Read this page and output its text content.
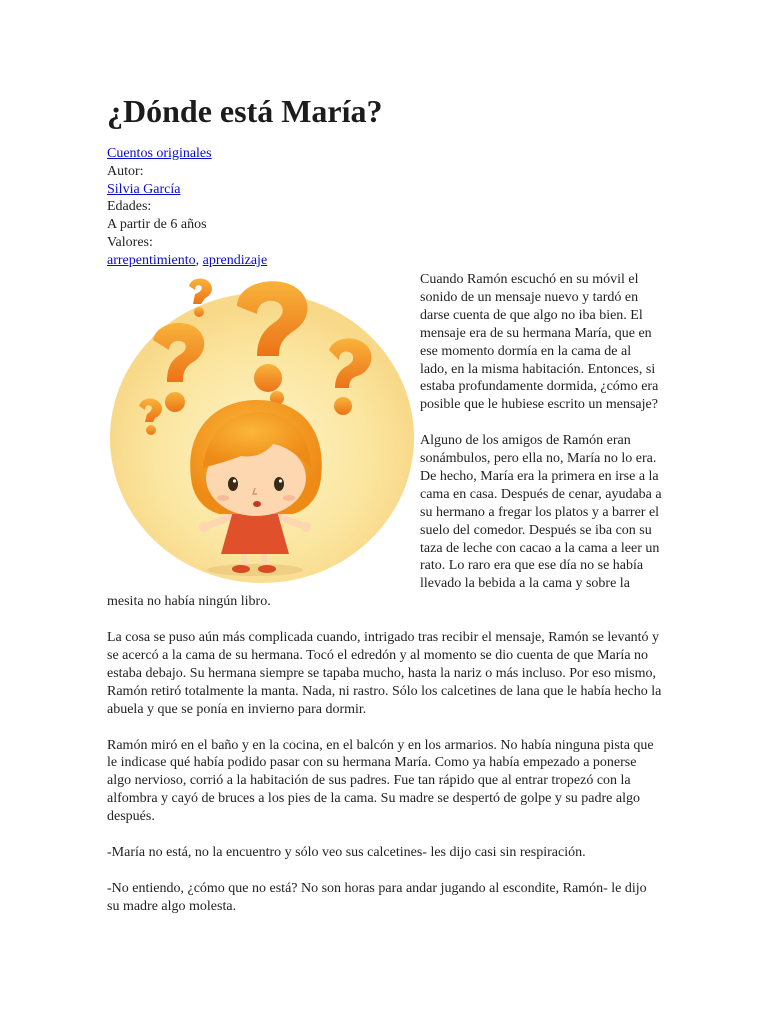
¿Dónde está María?
Cuentos originales
Autor:
Silvia García
Edades:
A partir de 6 años
Valores:
arrepentimiento, aprendizaje

Cuando Ramón escuchó en su móvil el sonido de un mensaje nuevo y tardó en darse cuenta de que algo no iba bien. El mensaje era de su hermana María, que en ese momento dormía en la cama de al lado, en la misma habitación. Entonces, si estaba profundamente dormida, ¿cómo era posible que le hubiese escrito un mensaje?

Alguno de los amigos de Ramón eran sonámbulos, pero ella no, María no lo era. De hecho, María era la primera en irse a la cama en casa. Después de cenar, ayudaba a su hermano a fregar los platos y a barrer el suelo del comedor. Después se iba con su taza de leche con cacao a la cama a leer un rato. Lo raro era que ese día no se había llevado la bebida a la cama y sobre la mesita no había ningún libro.

La cosa se puso aún más complicada cuando, intrigado tras recibir el mensaje, Ramón se levantó y se acercó a la cama de su hermana. Tocó el edredón y al momento se dio cuenta de que María no estaba debajo. Su hermana siempre se tapaba mucho, hasta la nariz o más incluso. Por eso mismo, Ramón retiró totalmente la manta. Nada, ni rastro. Sólo los calcetines de lana que le había hecho la abuela y que se ponía en invierno para dormir.

Ramón miró en el baño y en la cocina, en el balcón y en los armarios. No había ninguna pista que le indicase qué había podido pasar con su hermana María. Como ya había empezado a ponerse algo nervioso, corrió a la habitación de sus padres. Fue tan rápido que al entrar tropezó con la alfombra y cayó de bruces a los pies de la cama. Su madre se despertó de golpe y su padre algo después.

-María no está, no la encuentro y sólo veo sus calcetines- les dijo casi sin respiración.

-No entiendo, ¿cómo que no está? No son horas para andar jugando al escondite, Ramón- le dijo su madre algo molesta.
